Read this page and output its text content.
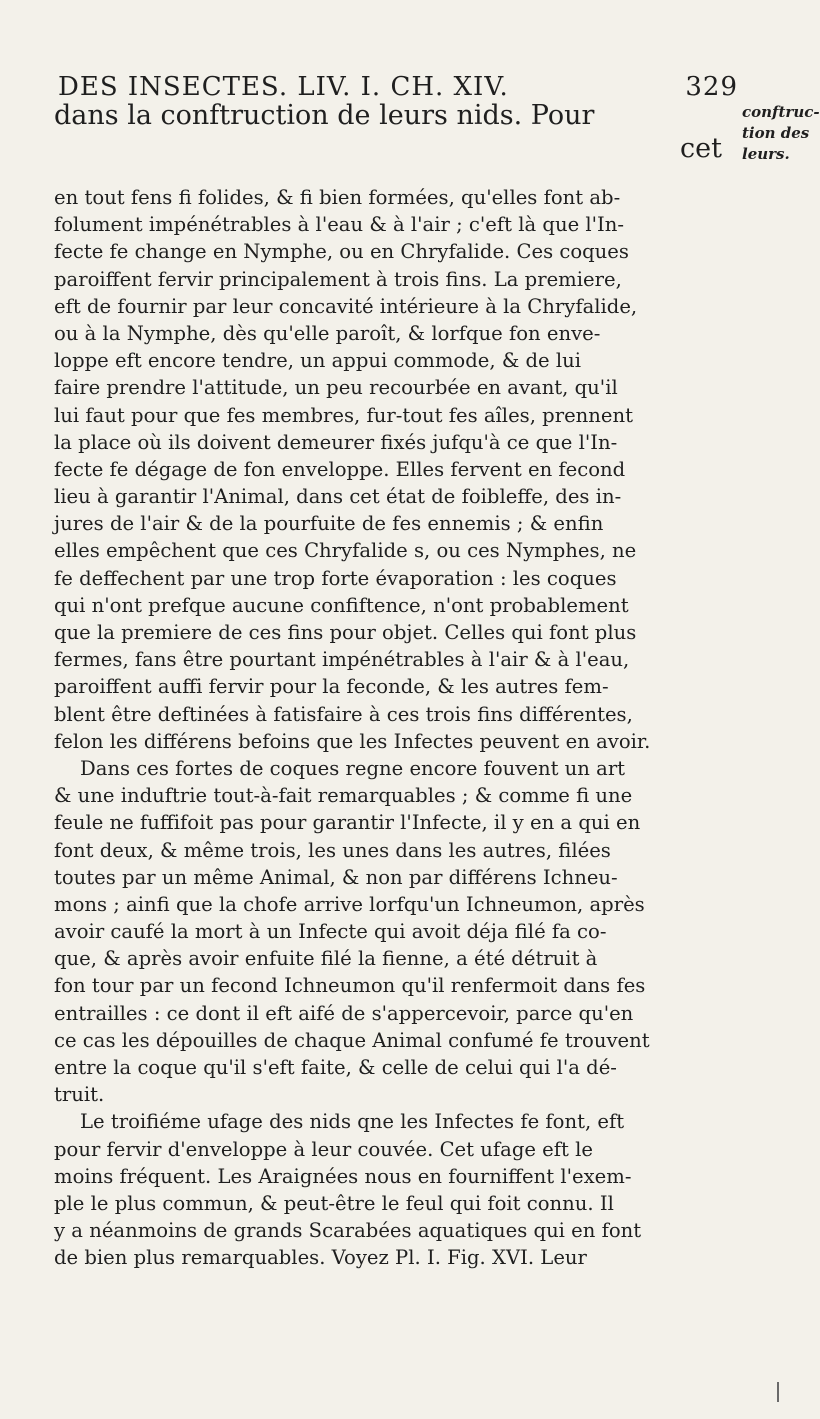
DES INSECTES. LIV. I. CH. XIV.	329
dans la conftruction de leurs nids. Pour
cet
conftruc-
tion des
leurs.
en tout fens fi folides, & fi bien formées, qu'elles font ab-
folument impénétrables à l'eau & à l'air ; c'eft là que l'In-
fecte fe change en Nymphe, ou en Chryfalide. Ces coques
paroiffent fervir principalement à trois fins. La premiere,
eft de fournir par leur concavité intérieure à la Chryfalide,
ou à la Nymphe, dès qu'elle paroît, & lorfque fon enve-
loppe eft encore tendre, un appui commode, & de lui
faire prendre l'attitude, un peu recourbée en avant, qu'il
lui faut pour que fes membres, fur-tout fes aîles, prennent
la place où ils doivent demeurer fixés jufqu'à ce que l'In-
fecte fe dégage de fon enveloppe. Elles fervent en fecond
lieu à garantir l'Animal, dans cet état de foibleffe, des in-
jures de l'air & de la pourfuite de fes ennemis ; & enfin
elles empêchent que ces Chryfalide s, ou ces Nymphes, ne
fe deffechent par une trop forte évaporation : les coques
qui n'ont prefque aucune confiftence, n'ont probablement
que la premiere de ces fins pour objet. Celles qui font plus
fermes, fans être pourtant impénétrables à l'air & à l'eau,
paroiffent auffi fervir pour la feconde, & les autres fem-
blent être deftinées à fatisfaire à ces trois fins différentes,
felon les différens befoins que les Infectes peuvent en avoir.
Dans ces fortes de coques regne encore fouvent un art
& une induftrie tout-à-fait remarquables ; & comme fi une
feule ne fuffifoit pas pour garantir l'Infecte, il y en a qui en
font deux, & même trois, les unes dans les autres, filées
toutes par un même Animal, & non par différens Ichneu-
mons ; ainfi que la chofe arrive lorfqu'un Ichneumon, après
avoir caufé la mort à un Infecte qui avoit déja filé fa co-
que, & après avoir enfuite filé la fienne, a été détruit à
fon tour par un fecond Ichneumon qu'il renfermoit dans fes
entrailles : ce dont il eft aifé de s'appercevoir, parce qu'en
ce cas les dépouilles de chaque Animal confumé fe trouvent
entre la coque qu'il s'eft faite, & celle de celui qui l'a dé-
truit.
Le troifiéme ufage des nids qne les Infectes fe font, eft
pour fervir d'enveloppe à leur couvée. Cet ufage eft le
moins fréquent. Les Araignées nous en fourniffent l'exem-
ple le plus commun, & peut-être le feul qui foit connu. Il
y a néanmoins de grands Scarabées aquatiques qui en font
de bien plus remarquables. Voyez Pl. I. Fig. XVI. Leur
